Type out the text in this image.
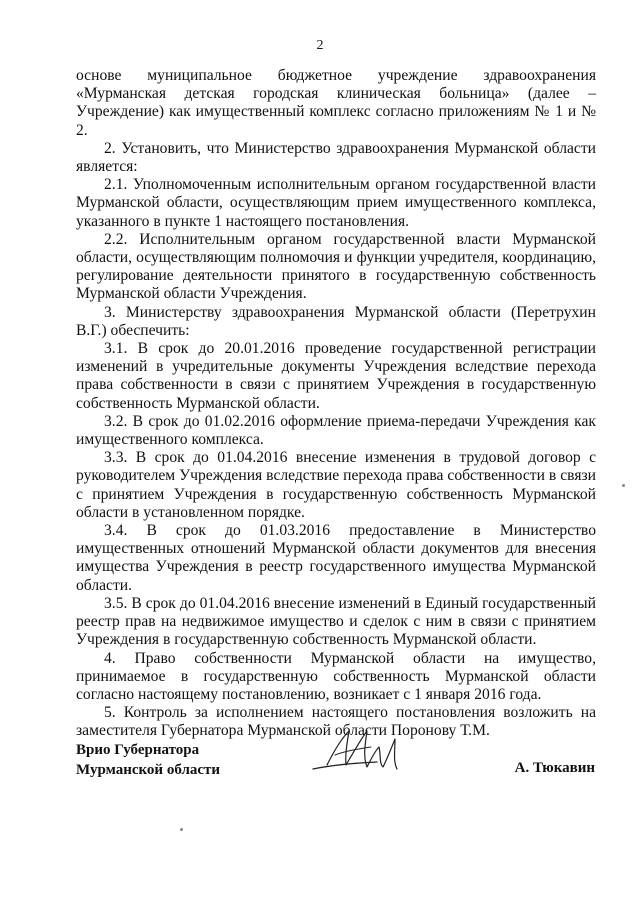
2

основе муниципальное бюджетное учреждение здравоохранения «Мурманская детская городская клиническая больница» (далее – Учреждение) как имущественный комплекс согласно приложениям № 1 и № 2.

2. Установить, что Министерство здравоохранения Мурманской области является:

2.1. Уполномоченным исполнительным органом государственной власти Мурманской области, осуществляющим прием имущественного комплекса, указанного в пункте 1 настоящего постановления.

2.2. Исполнительным органом государственной власти Мурманской области, осуществляющим полномочия и функции учредителя, координацию, регулирование деятельности принятого в государственную собственность Мурманской области Учреждения.

3. Министерству здравоохранения Мурманской области (Перетрухин В.Г.) обеспечить:

3.1. В срок до 20.01.2016 проведение государственной регистрации изменений в учредительные документы Учреждения вследствие перехода права собственности в связи с принятием Учреждения в государственную собственность Мурманской области.

3.2. В срок до 01.02.2016 оформление приема-передачи Учреждения как имущественного комплекса.

3.3. В срок до 01.04.2016 внесение изменения в трудовой договор с руководителем Учреждения вследствие перехода права собственности в связи с принятием Учреждения в государственную собственность Мурманской области в установленном порядке.

3.4. В срок до 01.03.2016 предоставление в Министерство имущественных отношений Мурманской области документов для внесения имущества Учреждения в реестр государственного имущества Мурманской области.

3.5. В срок до 01.04.2016 внесение изменений в Единый государственный реестр прав на недвижимое имущество и сделок с ним в связи с принятием Учреждения в государственную собственность Мурманской области.

4. Право собственности Мурманской области на имущество, принимаемое в государственную собственность Мурманской области согласно настоящему постановлению, возникает с 1 января 2016 года.

5. Контроль за исполнением настоящего постановления возложить на заместителя Губернатора Мурманской области Поронову Т.М.

Врио Губернатора
Мурманской области	А. Тюкавин
